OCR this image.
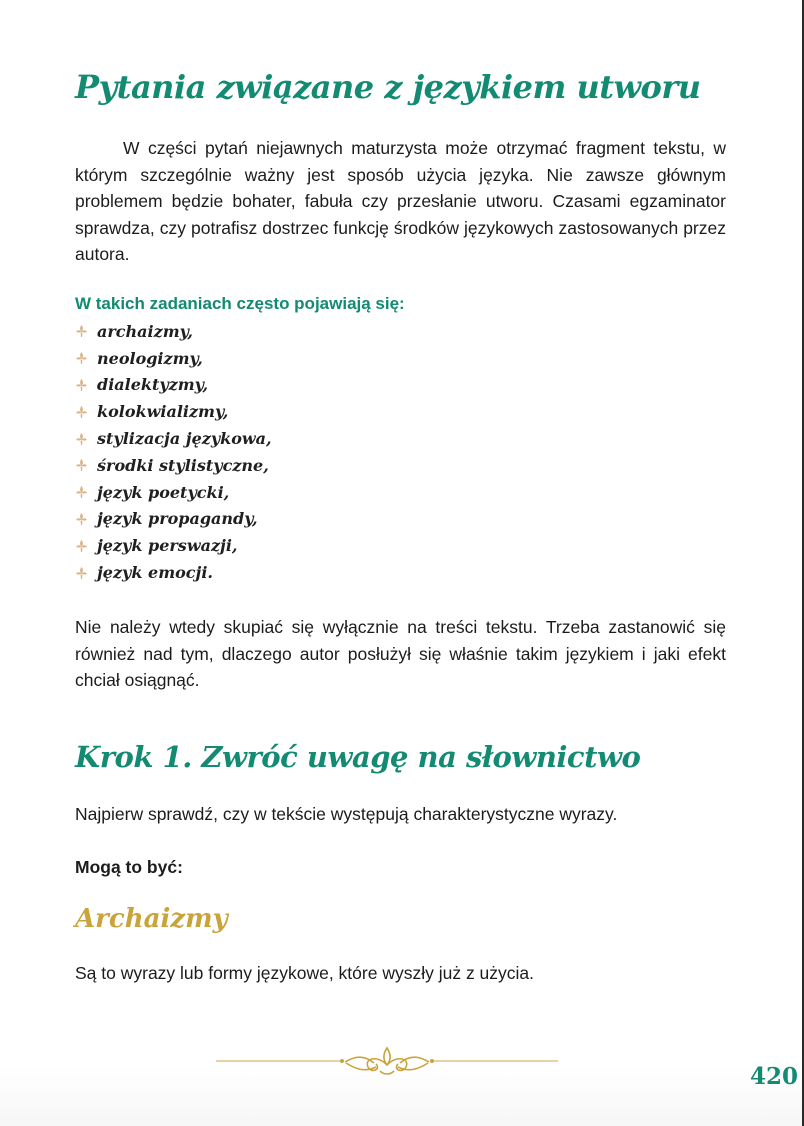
Pytania związane z językiem utworu

W części pytań niejawnych maturzysta może otrzymać fragment tekstu, w którym szczególnie ważny jest sposób użycia języka. Nie zawsze głównym problemem będzie bohater, fabuła czy przesłanie utworu. Czasami egzaminator sprawdza, czy potrafisz dostrzec funkcję środków językowych zastosowanych przez autora.

W takich zadaniach często pojawiają się:

archaizmy,
neologizmy,
dialektyzmy,
kolokwializmy,
stylizacja językowa,
środki stylistyczne,
język poetycki,
język propagandy,
język perswazji,
język emocji.

Nie należy wtedy skupiać się wyłącznie na treści tekstu. Trzeba zastanowić się również nad tym, dlaczego autor posłużył się właśnie takim językiem i jaki efekt chciał osiągnąć.

Krok 1. Zwróć uwagę na słownictwo

Najpierw sprawdź, czy w tekście występują charakterystyczne wyrazy.

Mogą to być:

Archaizmy

Są to wyrazy lub formy językowe, które wyszły już z użycia.

420
